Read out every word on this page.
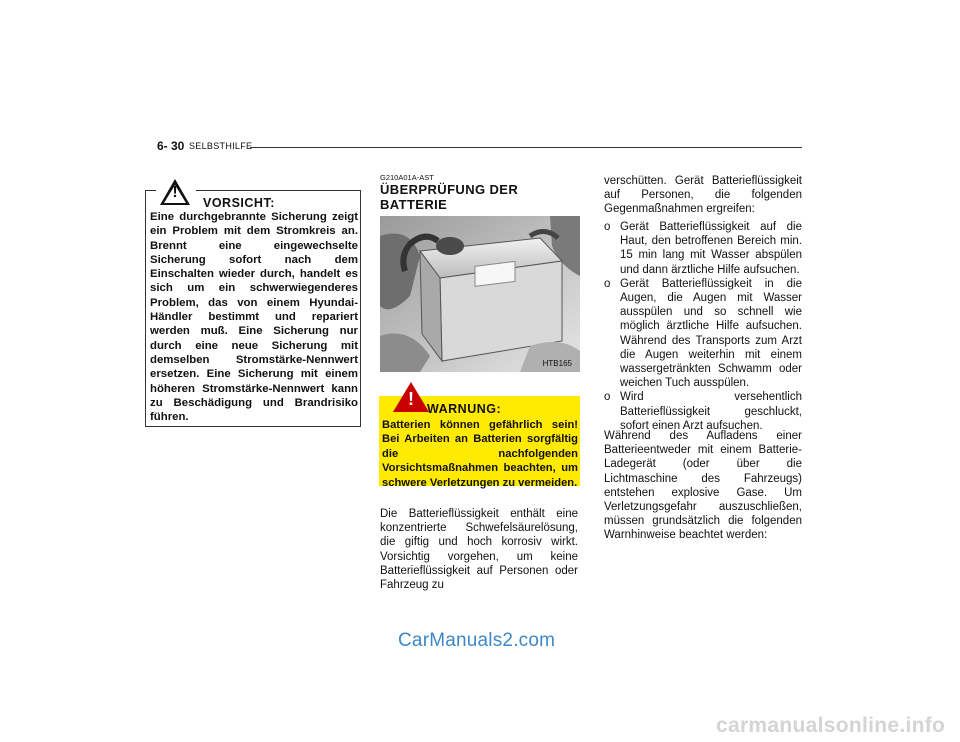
6- 30 SELBSTHILFE
!
VORSICHT:
Eine durchgebrannte Sicherung zeigt ein Problem mit dem Stromkreis an. Brennt eine eingewechselte Sicherung sofort nach dem Einschalten wieder durch, handelt es sich um ein schwerwiegenderes Problem, das von einem Hyundai-Händler bestimmt und repariert werden muß. Eine Sicherung nur durch eine neue Sicherung mit demselben Stromstärke-Nennwert ersetzen. Eine Sicherung mit einem höheren Stromstärke-Nennwert kann zu Beschädigung und Brandrisiko führen.
G210A01A-AST
ÜBERPRÜFUNG DER BATTERIE
HTB165
!	WARNUNG:
Batterien können gefährlich sein! Bei Arbeiten an Batterien sorgfältig die nachfolgenden Vorsichtsmaßnahmen beachten, um schwere Verletzungen zu vermeiden.
Die Batterieflüssigkeit enthält eine konzentrierte Schwefelsäurelösung, die giftig und hoch korrosiv wirkt. Vorsichtig vorgehen, um keine Batterieflüssigkeit auf Personen oder Fahrzeug zu
verschütten. Gerät Batterieflüssigkeit auf Personen, die folgenden Gegenmaßnahmen ergreifen:
o Gerät Batterieflüssigkeit auf die Haut, den betroffenen Bereich min. 15 min lang mit Wasser abspülen und dann ärztliche Hilfe aufsuchen.
o Gerät Batterieflüssigkeit in die Augen, die Augen mit Wasser ausspülen und so schnell wie möglich ärztliche Hilfe aufsuchen. Während des Transports zum Arzt die Augen weiterhin mit einem wassergetränkten Schwamm oder weichen Tuch ausspülen.
o Wird versehentlich Batterieflüssigkeit geschluckt, sofort einen Arzt aufsuchen.
Während des Aufladens einer Batterieentweder mit einem Batterie-Ladegerät (oder über die Lichtmaschine des Fahrzeugs) entstehen explosive Gase. Um Verletzungsgefahr auszuschließen, müssen grundsätzlich die folgenden Warnhinweise beachtet werden:
CarManuals2.com
carmanualsonline.info
